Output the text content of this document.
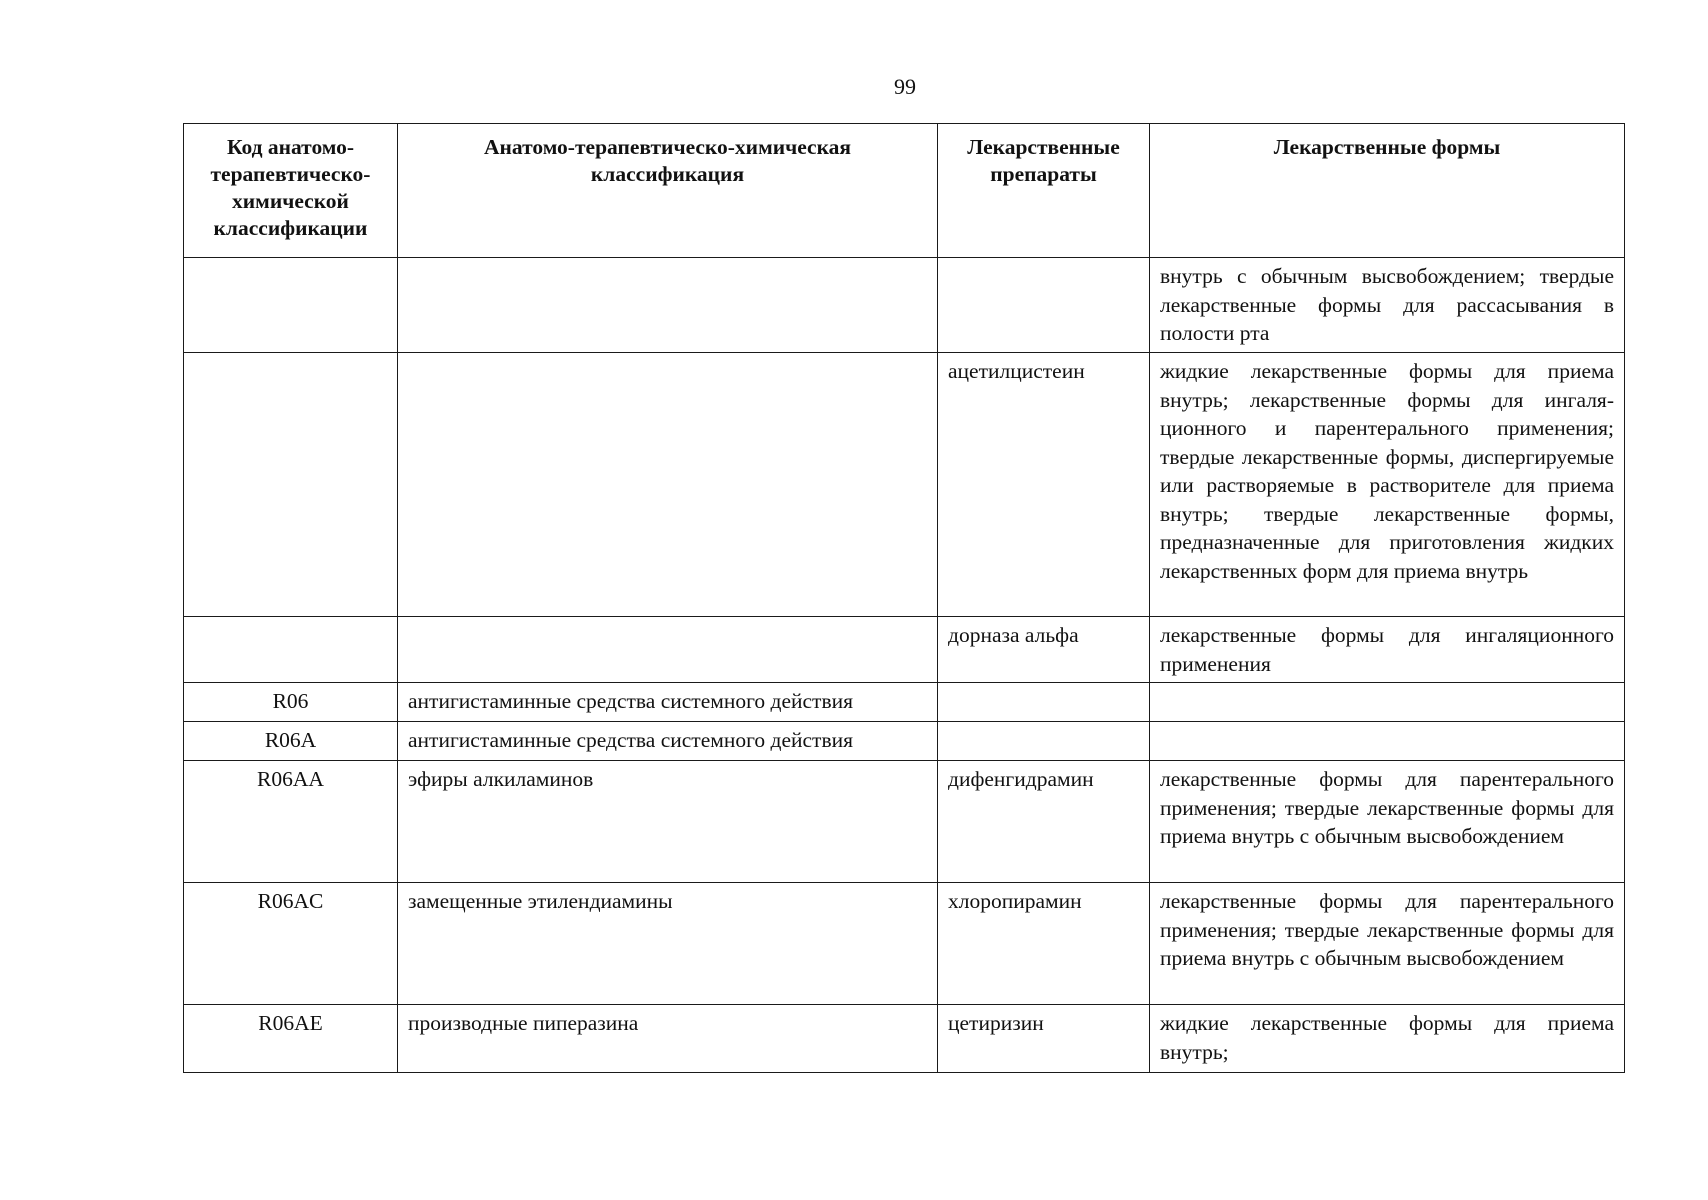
99
Код анатомо-терапевтическо-химической классификации	Анатомо-терапевтическо-химическая классификация	Лекарственные препараты	Лекарственные формы
			внутрь с обычным высвобождением; твердые лекарственные формы для рассасывания в полости рта
		ацетилцистеин	жидкие лекарственные формы для приема внутрь; лекарственные формы для ингаляционного и парентерального применения; твердые лекарственные формы, диспергируемые или растворяемые в растворителе для приема внутрь; твердые лекарственные формы, предназначенные для приготовления жидких лекарственных форм для приема внутрь
		дорназа альфа	лекарственные формы для ингаляционного применения
R06	антигистаминные средства системного действия		
R06A	антигистаминные средства системного действия		
R06AA	эфиры алкиламинов	дифенгидрамин	лекарственные формы для парентерального применения; твердые лекарственные формы для приема внутрь с обычным высвобождением
R06AC	замещенные этилендиамины	хлоропирамин	лекарственные формы для парентерального применения; твердые лекарственные формы для приема внутрь с обычным высвобождением
R06AE	производные пиперазина	цетиризин	жидкие лекарственные формы для приема внутрь;
